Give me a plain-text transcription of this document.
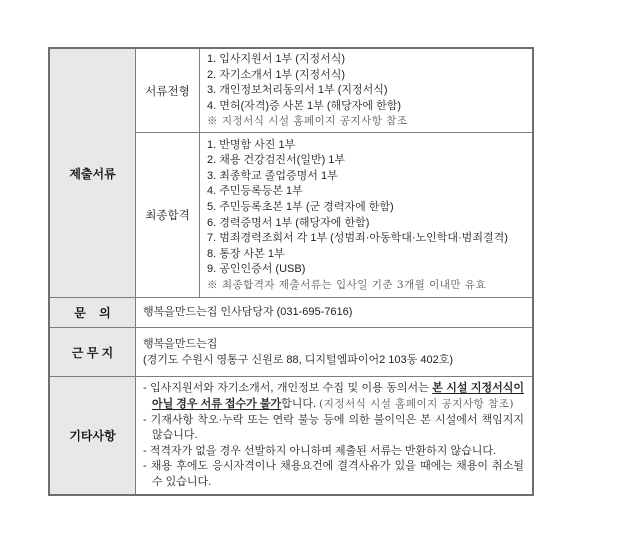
제출서류
서류전형
1. 입사지원서 1부 (지정서식)
2. 자기소개서 1부 (지정서식)
3. 개인정보처리동의서 1부 (지정서식)
4. 면허(자격)증 사본 1부 (해당자에 한함)
※ 지정서식 시설 홈페이지 공지사항 참조
최종합격
1. 반명함 사진 1부
2. 채용 건강검진서(일반) 1부
3. 최종학교 졸업증명서 1부
4. 주민등록등본 1부
5. 주민등록초본 1부 (군 경력자에 한함)
6. 경력증명서 1부 (해당자에 한함)
7. 범죄경력조회서 각 1부 (성범죄·아동학대·노인학대·범죄결격)
8. 통장 사본 1부
9. 공인인증서 (USB)
※ 최종합격자 제출서류는 입사일 기준 3개월 이내만 유효
문    의	행복을만드는집 인사담당자 (031-695-7616)
근 무 지
행복을만드는집
(경기도 수원시 영통구 신원로 88, 디지털엠파이어2 103동 402호)
기타사항
- 입사지원서와 자기소개서, 개인정보 수집 및 이용 동의서는 본 시설 지정서식이 아닐 경우 서류 접수가 불가합니다. (지정서식 시설 홈페이지 공지사항 참조)
- 기재사항 착오·누락 또는 연락 불능 등에 의한 불이익은 본 시설에서 책임지지 않습니다.
- 적격자가 없을 경우 선발하지 아니하며 제출된 서류는 반환하지 않습니다.
- 채용 후에도 응시자격이나 채용요건에 결격사유가 있을 때에는 채용이 취소될 수 있습니다.
